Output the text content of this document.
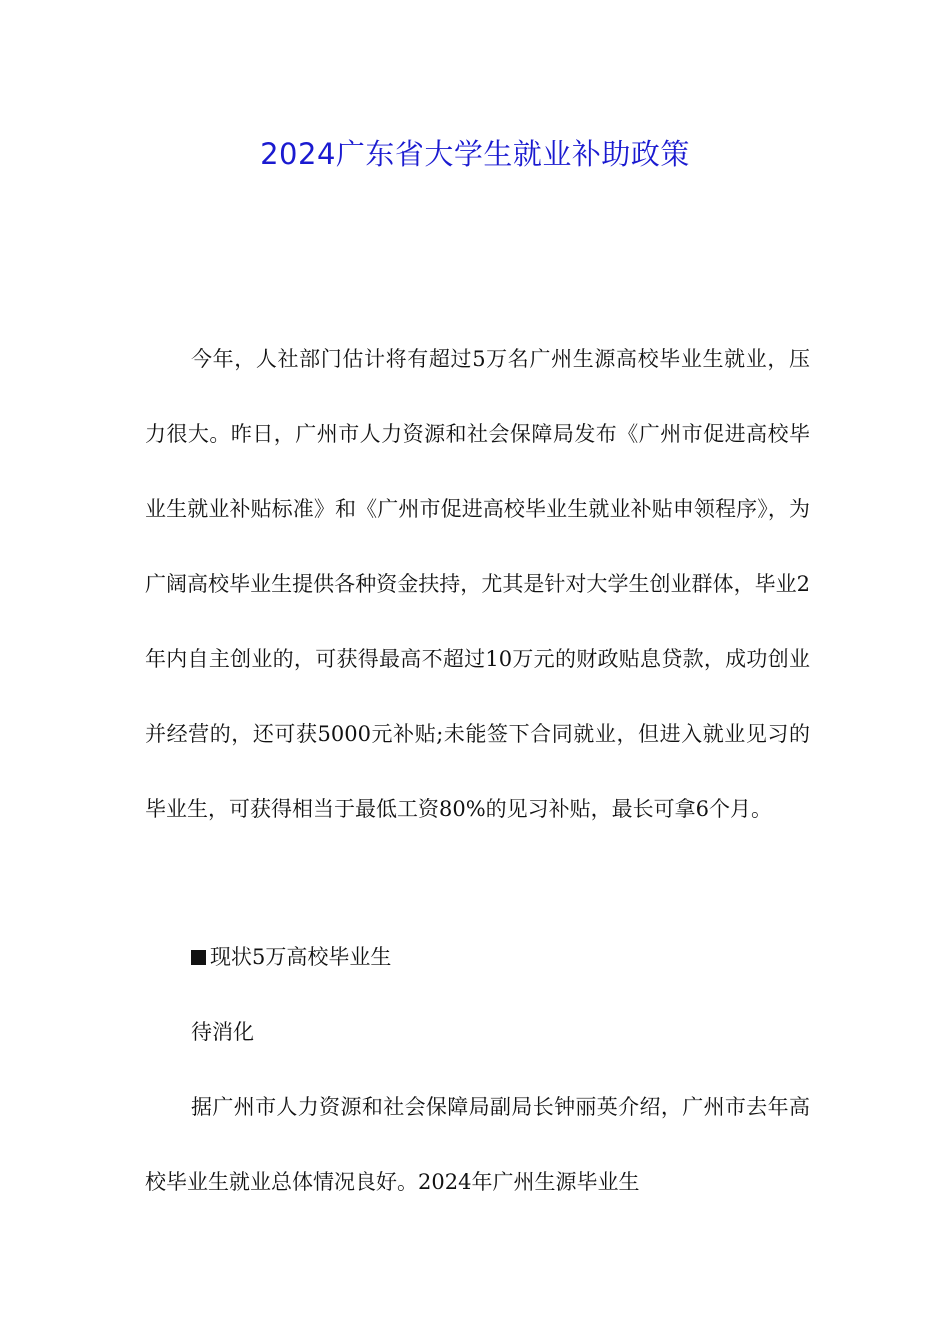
2024广东省大学生就业补助政策

今年，人社部门估计将有超过5万名广州生源高校毕业生就业，压力很大。昨日，广州市人力资源和社会保障局发布《广州市促进高校毕业生就业补贴标准》和《广州市促进高校毕业生就业补贴申领程序》，为广阔高校毕业生提供各种资金扶持，尤其是针对大学生创业群体，毕业2年内自主创业的，可获得最高不超过10万元的财政贴息贷款，成功创业并经营的，还可获5000元补贴;未能签下合同就业，但进入就业见习的毕业生，可获得相当于最低工资80%的见习补贴，最长可拿6个月。

现状5万高校毕业生
待消化

据广州市人力资源和社会保障局副局长钟丽英介绍，广州市去年高校毕业生就业总体情况良好。2024年广州生源毕业生
